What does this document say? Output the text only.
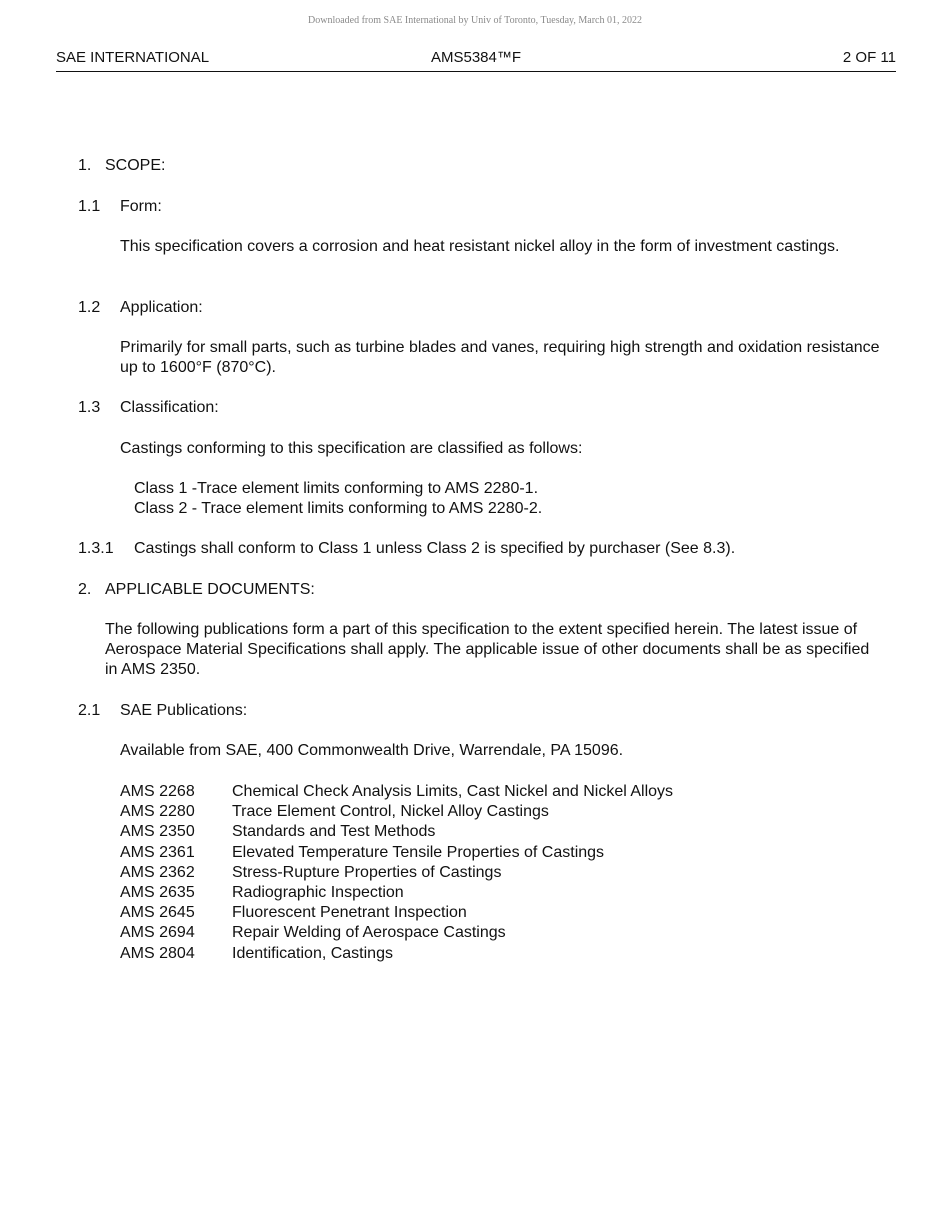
Downloaded from SAE International by Univ of Toronto, Tuesday, March 01, 2022
SAE INTERNATIONAL	AMS5384™F	2 OF 11
1. SCOPE:
1.1 Form:
This specification covers a corrosion and heat resistant nickel alloy in the form of investment castings.
1.2 Application:
Primarily for small parts, such as turbine blades and vanes, requiring high strength and oxidation resistance up to 1600°F (870°C).
1.3 Classification:
Castings conforming to this specification are classified as follows:
Class 1 -Trace element limits conforming to AMS 2280-1.
Class 2 - Trace element limits conforming to AMS 2280-2.
1.3.1 Castings shall conform to Class 1 unless Class 2 is specified by purchaser (See 8.3).
2. APPLICABLE DOCUMENTS:
The following publications form a part of this specification to the extent specified herein. The latest issue of Aerospace Material Specifications shall apply. The applicable issue of other documents shall be as specified in AMS 2350.
2.1 SAE Publications:
Available from SAE, 400 Commonwealth Drive, Warrendale, PA 15096.
AMS 2268 Chemical Check Analysis Limits, Cast Nickel and Nickel Alloys
AMS 2280 Trace Element Control, Nickel Alloy Castings
AMS 2350 Standards and Test Methods
AMS 2361 Elevated Temperature Tensile Properties of Castings
AMS 2362 Stress-Rupture Properties of Castings
AMS 2635 Radiographic Inspection
AMS 2645 Fluorescent Penetrant Inspection
AMS 2694 Repair Welding of Aerospace Castings
AMS 2804 Identification, Castings
